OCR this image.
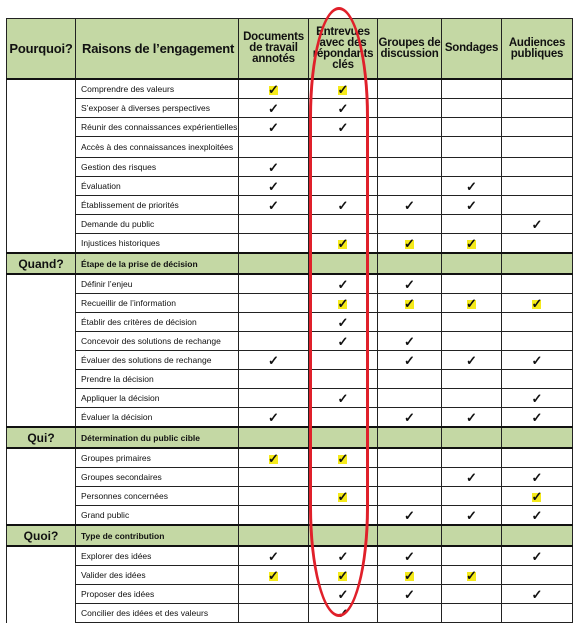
Pourquoi?	Raisons de l’engagement	Documents de travail annotés	Entrevues avec des répondants clés	Groupes de discussion	Sondages	Audiences publiques
	Comprendre des valeurs	✓	✓			
	S’exposer à diverses perspectives	✓	✓			
	Réunir des connaissances expérientielles	✓	✓			
	Accès à des connaissances inexploitées					
	Gestion des risques	✓				
	Évaluation	✓			✓	
	Établissement de priorités	✓	✓	✓	✓	
	Demande du public					✓
	Injustices historiques		✓	✓	✓	
Quand?	Étape de la prise de décision					
	Définir l’enjeu		✓	✓		
	Recueillir de l’information		✓	✓	✓	✓
	Établir des critères de décision		✓			
	Concevoir des solutions de rechange		✓	✓		
	Évaluer des solutions de rechange	✓		✓	✓	✓
	Prendre la décision					
	Appliquer la décision		✓			✓
	Évaluer la décision	✓		✓	✓	✓
Qui?	Détermination du public cible					
	Groupes primaires	✓	✓			
	Groupes secondaires				✓	✓
	Personnes concernées		✓			✓
	Grand public			✓	✓	✓
Quoi?	Type de contribution					
	Explorer des idées	✓	✓	✓		✓
	Valider des idées	✓	✓	✓	✓	
	Proposer des idées		✓	✓		✓
	Concilier des idées et des valeurs		✓			
